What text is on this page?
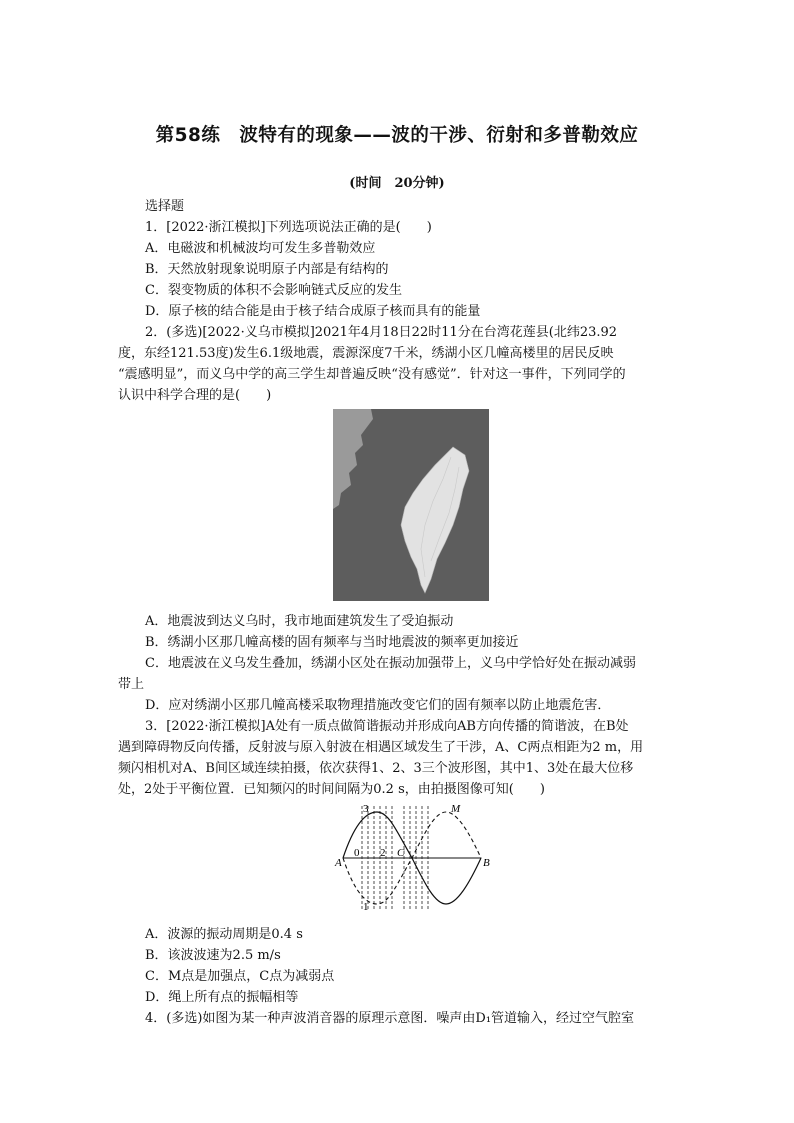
第58练　波特有的现象——波的干涉、衍射和多普勒效应
(时间　20分钟)
选择题
1．[2022·浙江模拟]下列选项说法正确的是(　　)
A．电磁波和机械波均可发生多普勒效应
B．天然放射现象说明原子内部是有结构的
C．裂变物质的体积不会影响链式反应的发生
D．原子核的结合能是由于核子结合成原子核而具有的能量
2．(多选)[2022·义乌市模拟]2021年4月18日22时11分在台湾花莲县(北纬23.92
度，东经121.53度)发生6.1级地震，震源深度7千米，绣湖小区几幢高楼里的居民反映
“震感明显”，而义乌中学的高三学生却普遍反映“没有感觉”．针对这一事件，下列同学的
认识中科学合理的是(　　)
A．地震波到达义乌时，我市地面建筑发生了受迫振动
B．绣湖小区那几幢高楼的固有频率与当时地震波的频率更加接近
C．地震波在义乌发生叠加，绣湖小区处在振动加强带上，义乌中学恰好处在振动减弱
带上
D．应对绣湖小区那几幢高楼采取物理措施改变它们的固有频率以防止地震危害．
3．[2022·浙江模拟]A处有一质点做简谐振动并形成向AB方向传播的简谐波，在B处
遇到障碍物反向传播，反射波与原入射波在相遇区域发生了干涉，A、C两点相距为2 m，用
频闪相机对A、B间区域连续拍摄，依次获得1、2、3三个波形图，其中1、3处在最大位移
处，2处于平衡位置．已知频闪的时间间隔为0.2 s，由拍摄图像可知(　　)
A	B
C
M
0
1
2
3
A．波源的振动周期是0.4 s
B．该波波速为2.5 m/s
C．M点是加强点，C点为减弱点
D．绳上所有点的振幅相等
4．(多选)如图为某一种声波消音器的原理示意图．噪声由D₁管道输入，经过空气腔室
